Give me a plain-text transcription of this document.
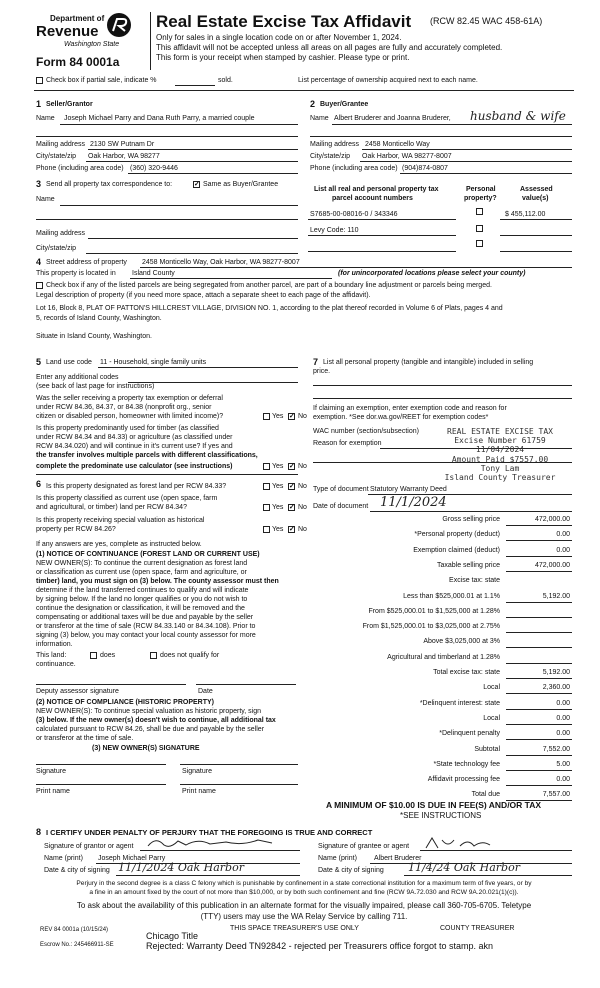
Department of
Revenue
Washington State
Form 84 0001a
Real Estate Excise Tax Affidavit (RCW 82.45 WAC 458-61A)
Only for sales in a single location code on or after November 1, 2024.
This affidavit will not be accepted unless all areas on all pages are fully and accurately completed.
This form is your receipt when stamped by cashier. Please type or print.
Check box if partial sale, indicate %	sold.	List percentage of ownership acquired next to each name.
1 Seller/Grantor
Name Joseph Michael Parry and Dana Ruth Parry, a married couple
Mailing address 2130 SW Putnam Dr
City/state/zip Oak Harbor, WA 98277
Phone (including area code) (360) 320-9446
2 Buyer/Grantee
Name Albert Bruderer and Joanna Bruderer, husband & wife
Mailing address 2458 Monticello Way
City/state/zip Oak Harbor, WA 98277-8007
Phone (including area code) (904)874-0807
3 Send all property tax correspondence to:	✓ Same as Buyer/Grantee
Name
Mailing address
City/state/zip
List all real and personal property tax
parcel account numbers
Personal
property?
Assessed
value(s)
S7685-00-08016-0 / 343346	$ 455,112.00
Levy Code: 110
4 Street address of property 2458 Monticello Way, Oak Harbor, WA 98277-8007
This property is located in Island County	(for unincorporated locations please select your county)
Check box if any of the listed parcels are being segregated from another parcel, are part of a boundary line adjustment or parcels being merged.
Legal description of property (if you need more space, attach a separate sheet to each page of the affidavit).
Lot 16, Block 8, PLAT OF PATTON'S HILLCREST VILLAGE, DIVISION NO. 1, according to the plat thereof recorded in Volume 6 of Plats, pages 4 and
5, records of Island County, Washington.
Situate in Island County, Washington.
5 Land use code 11 - Household, single family units
Enter any additional codes
(see back of last page for instructions)
Was the seller receiving a property tax exemption or deferral
under RCW 84.36, 84.37, or 84.38 (nonprofit org., senior
citizen or disabled person, homeowner with limited income)?	Yes ✓ No
Is this property predominantly used for timber (as classified
under RCW 84.34 and 84.33) or agriculture (as classified under
RCW 84.34.020) and will continue in it's current use? If yes and
the transfer involves multiple parcels with different classifications,
complete the predominate use calculator (see instructions)	Yes ✓ No
6 Is this property designated as forest land per RCW 84.33?	Yes ✓ No
Is this property classified as current use (open space, farm
and agricultural, or timber) land per RCW 84.34?	Yes ✓ No
Is this property receiving special valuation as historical
property per RCW 84.26?	Yes ✓ No
If any answers are yes, complete as instructed below.
(1) NOTICE OF CONTINUANCE (FOREST LAND OR CURRENT USE)
NEW OWNER(S): To continue the current designation as forest land
or classification as current use (open space, farm and agriculture, or
timber) land, you must sign on (3) below. The county assessor must then
determine if the land transferred continues to qualify and will indicate
by signing below. If the land no longer qualifies or you do not wish to
continue the designation or classification, it will be removed and the
compensating or additional taxes will be due and payable by the seller
or transferor at the time of sale (RCW 84.33.140 or 84.34.108). Prior to
signing (3) below, you may contact your local county assessor for more
information.
This land:	does	does not qualify for
continuance.
Deputy assessor signature	Date
(2) NOTICE OF COMPLIANCE (HISTORIC PROPERTY)
NEW OWNER(S): To continue special valuation as historic property, sign
(3) below. If the new owner(s) doesn't wish to continue, all additional tax
calculated pursuant to RCW 84.26, shall be due and payable by the seller
or transferor at the time of sale.
(3) NEW OWNER(S) SIGNATURE
Signature	Signature
Print name	Print name
7 List all personal property (tangible and intangible) included in selling
price.
If claiming an exemption, enter exemption code and reason for
exemption. *See dor.wa.gov/REET for exemption codes*
WAC number (section/subsection)
Reason for exemption
REAL ESTATE EXCISE TAX
Excise Number 61759
11/04/2024
Amount Paid $7557.00
Tony Lam
Island County Treasurer
Type of document Statutory Warranty Deed
Date of document 11/1/2024
Gross selling price	472,000.00
*Personal property (deduct)	0.00
Exemption claimed (deduct)	0.00
Taxable selling price	472,000.00
Excise tax: state
Less than $525,000.01 at 1.1%	5,192.00
From $525,000.01 to $1,525,000 at 1.28%
From $1,525,000.01 to $3,025,000 at 2.75%
Above $3,025,000 at 3%
Agricultural and timberland at 1.28%
Total excise tax: state	5,192.00
Local	2,360.00
*Delinquent interest: state	0.00
Local	0.00
*Delinquent penalty	0.00
Subtotal	7,552.00
*State technology fee	5.00
Affidavit processing fee	0.00
Total due	7,557.00
A MINIMUM OF $10.00 IS DUE IN FEE(S) AND/OR TAX
*SEE INSTRUCTIONS
8 I CERTIFY UNDER PENALTY OF PERJURY THAT THE FOREGOING IS TRUE AND CORRECT
Signature of grantor or agent
Name (print) Joseph Michael Parry
Date & city of signing 11/1/2024 Oak Harbor
Signature of grantee or agent
Name (print) Albert Bruderer
Date & city of signing 11/4/24 Oak Harbor
Perjury in the second degree is a class C felony which is punishable by confinement in a state correctional institution for a maximum term of five years, or by
a fine in an amount fixed by the court of not more than $10,000, or by both such confinement and fine (RCW 9A.72.030 and RCW 9A.20.021(1)(c)).
To ask about the availability of this publication in an alternate format for the visually impaired, please call 360-705-6705. Teletype
(TTY) users may use the WA Relay Service by calling 711.
REV 84 0001a (10/15/24)	THIS SPACE TREASURER'S USE ONLY	COUNTY TREASURER
Chicago Title
Escrow No.: 245466911-SE	Rejected: Warranty Deed TN92842 - rejected per Treasurers office forgot to stamp. akn
